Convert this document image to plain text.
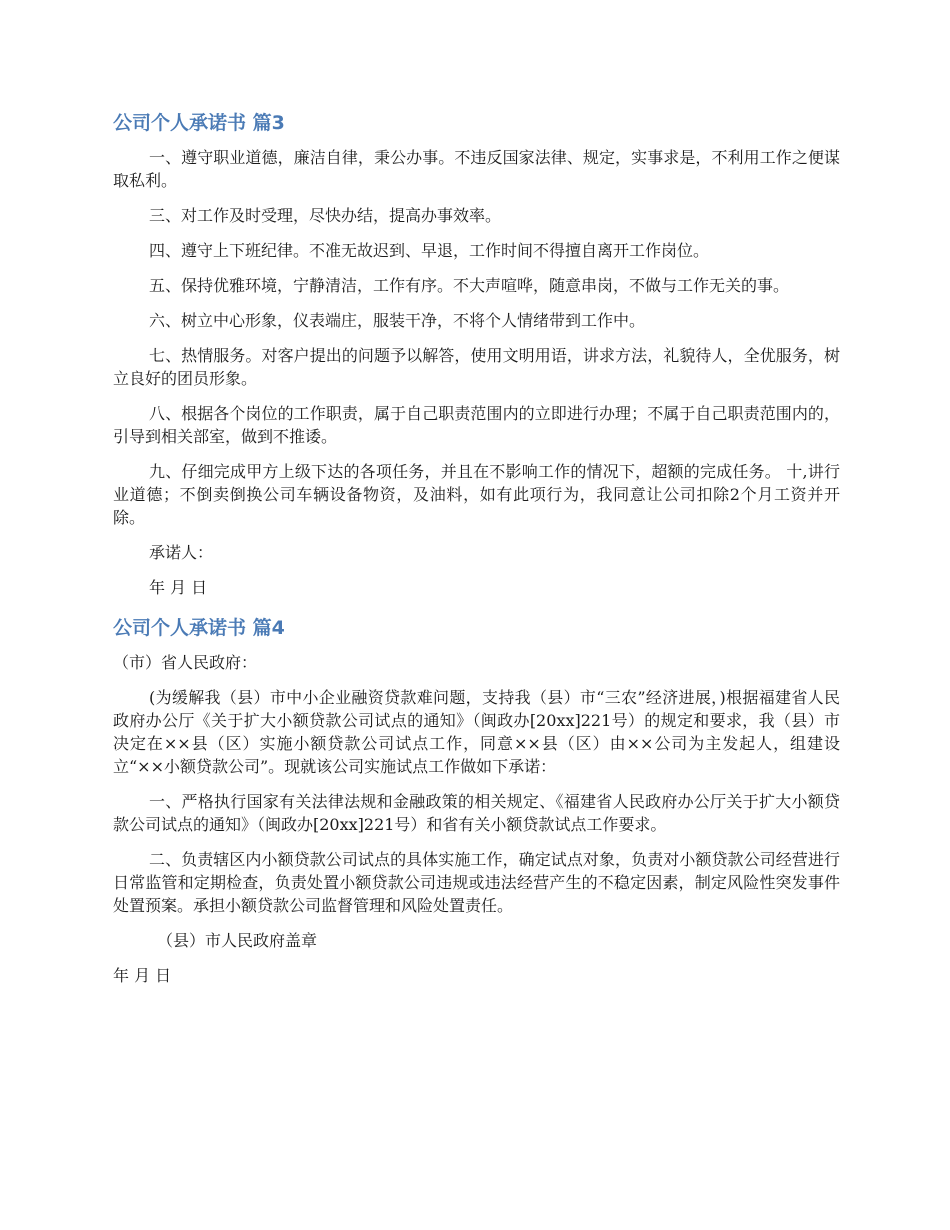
公司个人承诺书 篇3

一、遵守职业道德，廉洁自律，秉公办事。不违反国家法律、规定，实事求是，不利用工作之便谋取私利。

三、对工作及时受理，尽快办结，提高办事效率。

四、遵守上下班纪律。不准无故迟到、早退，工作时间不得擅自离开工作岗位。

五、保持优雅环境，宁静清洁，工作有序。不大声喧哗，随意串岗，不做与工作无关的事。

六、树立中心形象，仪表端庄，服装干净，不将个人情绪带到工作中。

七、热情服务。对客户提出的问题予以解答，使用文明用语，讲求方法，礼貌待人，全优服务，树立良好的团员形象。

八、根据各个岗位的工作职责，属于自己职责范围内的立即进行办理；不属于自己职责范围内的，引导到相关部室，做到不推诿。

九、仔细完成甲方上级下达的各项任务，并且在不影响工作的情况下，超额的完成任务。 十,讲行业道德；不倒卖倒换公司车辆设备物资，及油料，如有此项行为，我同意让公司扣除2个月工资并开除。

承诺人：

年 月 日

公司个人承诺书 篇4

（市）省人民政府：

(为缓解我（县）市中小企业融资贷款难问题，支持我（县）市“三农”经济进展，)根据福建省人民政府办公厅《关于扩大小额贷款公司试点的通知》（闽政办[20xx]221号）的规定和要求，我（县）市决定在××县（区）实施小额贷款公司试点工作，同意××县（区）由××公司为主发起人，组建设立“××小额贷款公司”。现就该公司实施试点工作做如下承诺：

一、严格执行国家有关法律法规和金融政策的相关规定、《福建省人民政府办公厅关于扩大小额贷款公司试点的通知》（闽政办[20xx]221号）和省有关小额贷款试点工作要求。

二、负责辖区内小额贷款公司试点的具体实施工作，确定试点对象，负责对小额贷款公司经营进行日常监管和定期检查，负责处置小额贷款公司违规或违法经营产生的不稳定因素，制定风险性突发事件处置预案。承担小额贷款公司监督管理和风险处置责任。

（县）市人民政府盖章

年 月 日
